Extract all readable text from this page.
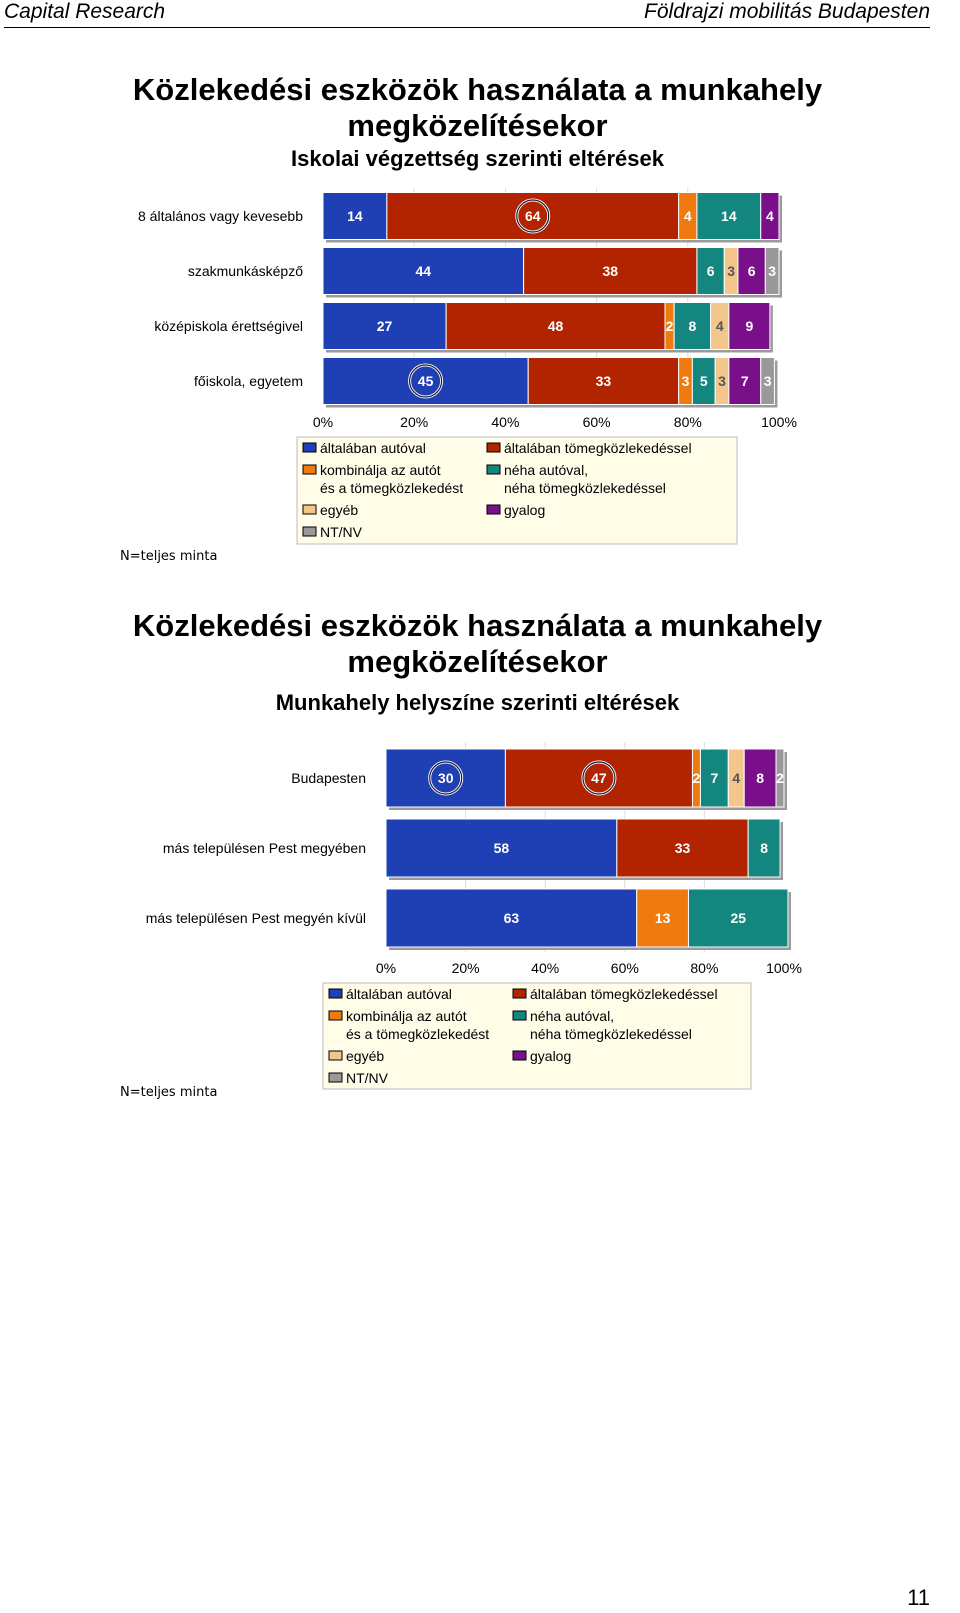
Capital Research	Földrajzi mobilitás Budapesten
Közlekedési eszközök használata a munkahely
megközelítésekor
Iskolai végzettség szerinti eltérések
14	64	4 14 4
8 általános vagy kevesebb
44	38	6 3 6 3
szakmunkásképző
27	48	2 8 4 9
középiskola érettségivel
45	33	3 5 3 7 3
főiskola, egyetem
0%	20%	40%	60%	80%	100%
általában autóval
kombinálja az autót
és a tömegközlekedést
egyéb
NT/NV
általában tömegközlekedéssel
néha autóval,
néha tömegközlekedéssel
gyalog
N=teljes minta
Közlekedési eszközök használata a munkahely
megközelítésekor
Munkahely helyszíne szerinti eltérések
30	47	2 7 4 8 2
Budapesten
58	33	8
más településen Pest megyében
63	13	25
más településen Pest megyén kívül
0%	20%	40%	60%	80%	100%
általában autóval
kombinálja az autót
és a tömegközlekedést
egyéb
NT/NV
általában tömegközlekedéssel
néha autóval,
néha tömegközlekedéssel
gyalog
N=teljes minta
11
